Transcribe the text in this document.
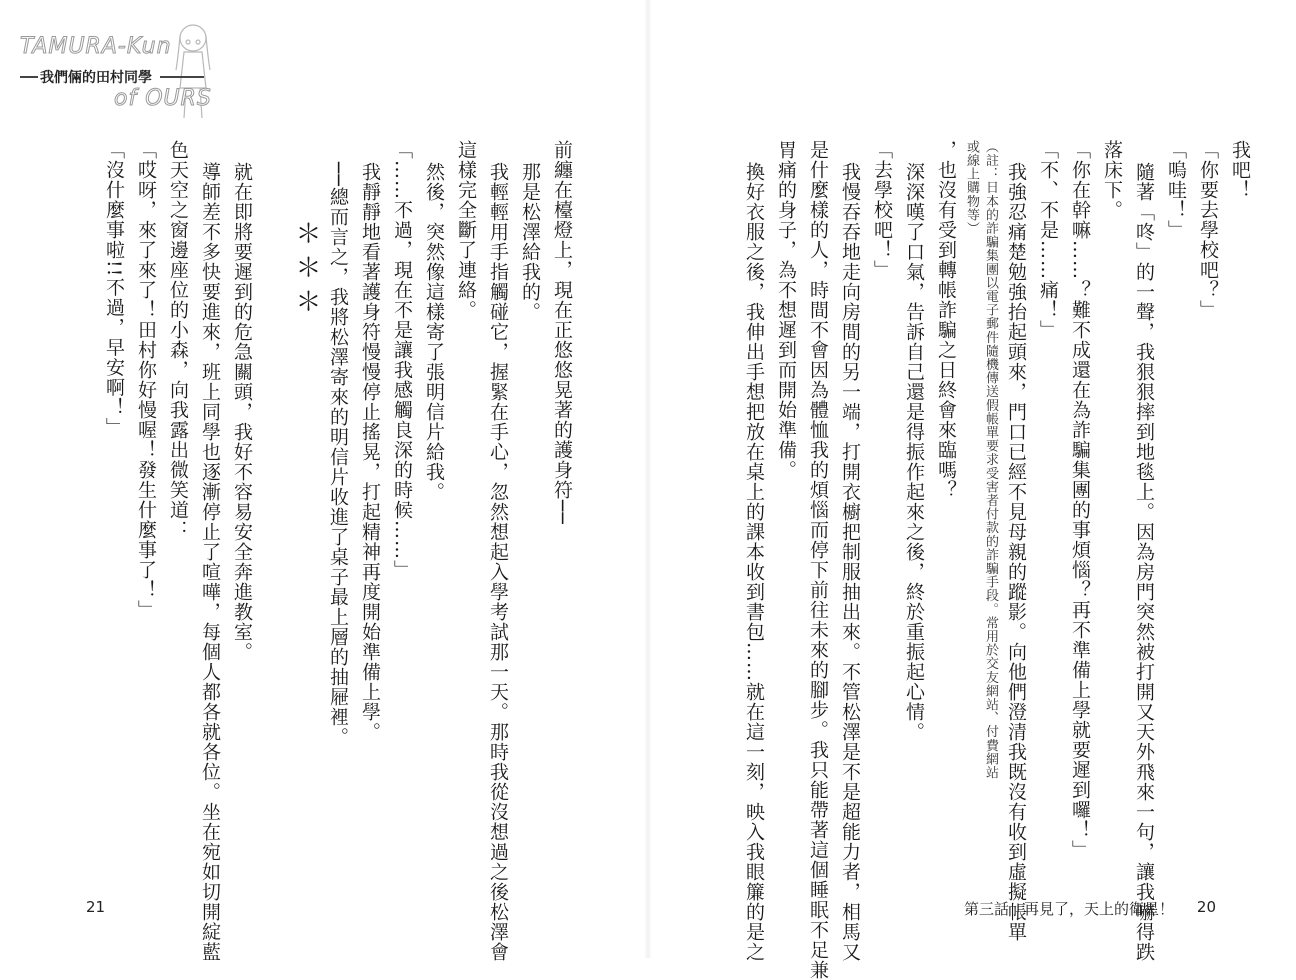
TAMURA-Kun
我們倆的田村同學
of OURS
前纏在檯燈上，現在正悠悠晃著的護身符──
那是松澤給我的。
我輕輕用手指觸碰它，握緊在手心，忽然想起入學考試那一天。那時我從沒想過之後松澤會
這樣完全斷了連絡。
然後，突然像這樣寄了張明信片給我。
「……不過，現在不是讓我感觸良深的時候……」
我靜靜地看著護身符慢慢停止搖晃，打起精神再度開始準備上學。
──總而言之，我將松澤寄來的明信片收進了桌子最上層的抽屜裡。
＊＊＊
就在即將要遲到的危急關頭，我好不容易安全奔進教室。
導師差不多快要進來，班上同學也逐漸停止了喧嘩，每個人都各就各位。坐在宛如切開綻藍
色天空之窗邊座位的小森，向我露出微笑道：
「哎呀，來了來了！田村你好慢喔！發生什麼事了！」
「沒什麼事啦!!不過，早安啊！」
21
我吧！
「你要去學校吧？」
「嗚哇！」
隨著「咚」的一聲，我狠狠摔到地毯上。因為房門突然被打開又天外飛來一句，讓我嚇得跌
落床下。
「你在幹嘛……？難不成還在為詐騙集團的事煩惱？再不準備上學就要遲到囉！」
「不、不是……痛！」
我強忍痛楚勉強抬起頭來，門口已經不見母親的蹤影。向他們澄清我既沒有收到虛擬帳單
（註：日本的詐騙集團以電子郵件隨機傳送假帳單要求受害者付款的詐騙手段。常用於交友網站、付費網站
或線上購物等）
，也沒有受到轉帳詐騙之日終會來臨嗎？
深深嘆了口氣，告訴自己還是得振作起來之後，終於重振起心情。
「去學校吧！」
我慢吞吞地走向房間的另一端，打開衣櫥把制服抽出來。不管松澤是不是超能力者，相馬又
是什麼樣的人，時間不會因為體恤我的煩惱而停下前往未來的腳步。我只能帶著這個睡眠不足兼
胃痛的身子，為不想遲到而開始準備。
換好衣服之後，我伸出手想把放在桌上的課本收到書包……就在這一刻，映入我眼簾的是之	第三話　再見了，天上的衛星！ 20
